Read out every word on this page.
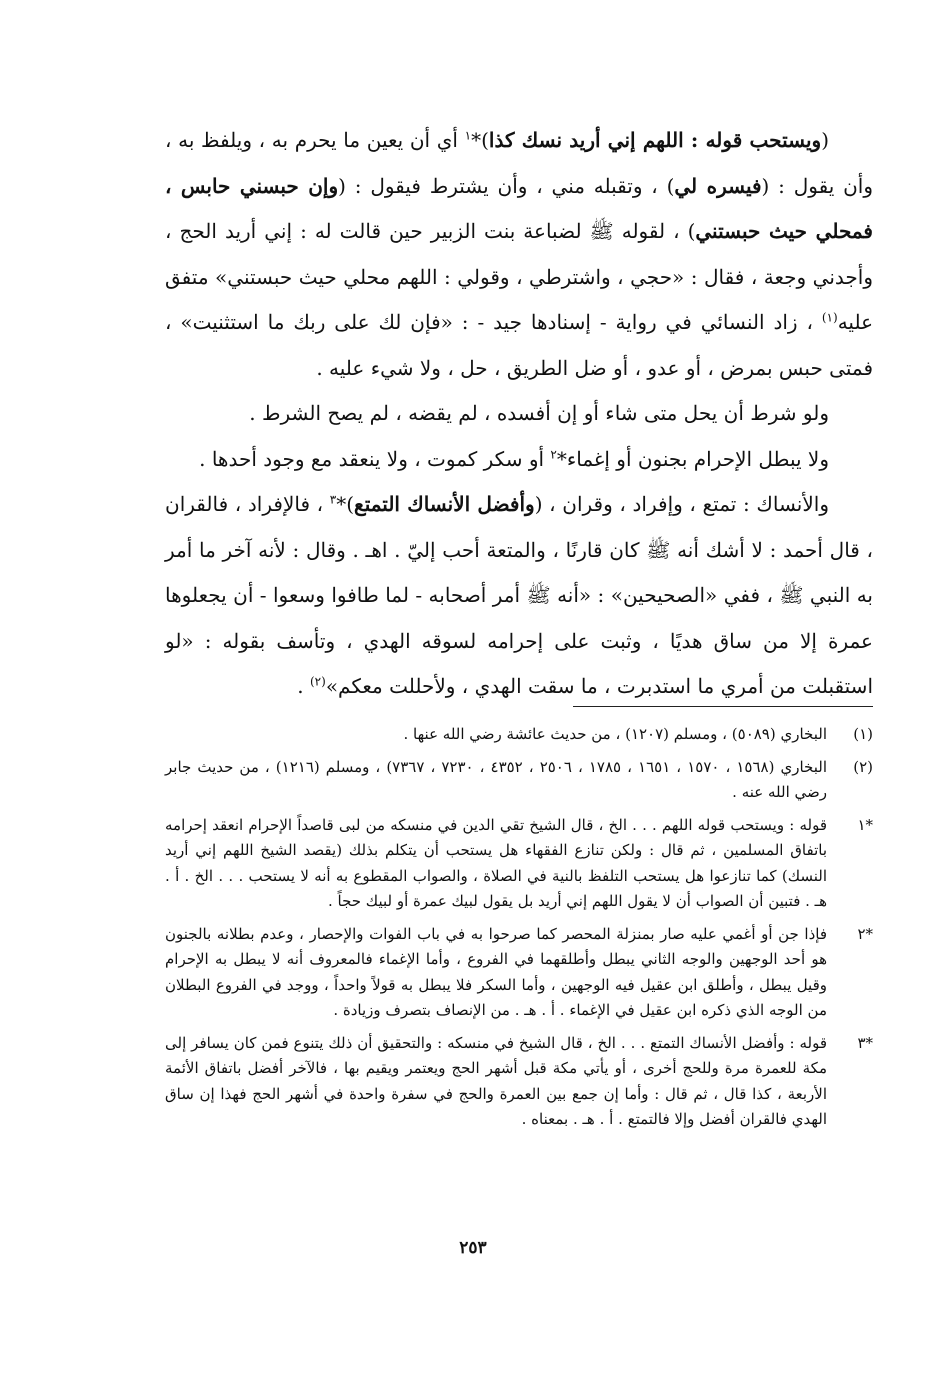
(ويستحب قوله : اللهم إني أريد نسك كذا)*$^١$ أي أن يعين ما يحرم به ، ويلفظ به ، وأن يقول : (فيسره لي) ، وتقبله مني ، وأن يشترط فيقول : (وإن حبسني حابس ، فمحلي حيث حبستني) ، لقوله ﷺ لضباعة بنت الزبير حين قالت له : إني أريد الحج ، وأجدني وجعة ، فقال : «حجي ، واشترطي ، وقولي : اللهم محلي حيث حبستني» متفق عليه$^{(١)}$ ، زاد النسائي في رواية - إسنادها جيد - : «فإن لك على ربك ما استثنيت» ، فمتى حبس بمرض ، أو عدو ، أو ضل الطريق ، حل ، ولا شيء عليه .

ولو شرط أن يحل متى شاء أو إن أفسده ، لم يقضه ، لم يصح الشرط .

ولا يبطل الإحرام بجنون أو إغماء*$^٢$ أو سكر كموت ، ولا ينعقد مع وجود أحدها .

والأنساك : تمتع ، وإفراد ، وقران ، (وأفضل الأنساك التمتع)*$^٣$ ، فالإفراد ، فالقران ، قال أحمد : لا أشك أنه ﷺ كان قارنًا ، والمتعة أحب إليّ . اهـ . وقال : لأنه آخر ما أمر به النبي ﷺ ، ففي «الصحيحين» : «أنه ﷺ أمر أصحابه - لما طافوا وسعوا - أن يجعلوها عمرة إلا من ساق هديًا ، وثبت على إحرامه لسوقه الهدي ، وتأسف بقوله : «لو استقبلت من أمري ما استدبرت ، ما سقت الهدي ، ولأحللت معكم»$^{(٢)}$ .

(١)
البخاري (٥٠٨٩) ، ومسلم (١٢٠٧) ، من حديث عائشة رضي الله عنها .
(٢)
البخاري (١٥٦٨ ، ١٥٧٠ ، ١٦٥١ ، ١٧٨٥ ، ٢٥٠٦ ، ٤٣٥٢ ، ٧٢٣٠ ، ٧٣٦٧) ، ومسلم (١٢١٦) ، من حديث جابر رضي الله عنه .
*١
قوله : ويستحب قوله اللهم . . . الخ ، قال الشيخ تقي الدين في منسكه من لبى قاصداً الإحرام انعقد إحرامه باتفاق المسلمين ، ثم قال : ولكن تنازع الفقهاء هل يستحب أن يتكلم بذلك (يقصد الشيخ اللهم إني أريد النسك) كما تنازعوا هل يستحب التلفظ بالنية في الصلاة ، والصواب المقطوع به أنه لا يستحب . . . الخ . أ . هـ . فتبين أن الصواب أن لا يقول اللهم إني أريد بل يقول لبيك عمرة أو لبيك حجاً .
*٢
فإذا جن أو أغمي عليه صار بمنزلة المحصر كما صرحوا به في باب الفوات والإحصار ، وعدم بطلانه بالجنون هو أحد الوجهين والوجه الثاني يبطل وأطلقهما في الفروع ، وأما الإغماء فالمعروف أنه لا يبطل به الإحرام وقيل يبطل ، وأطلق ابن عقيل فيه الوجهين ، وأما السكر فلا يبطل به قولاً واحداً ، ووجد في الفروع البطلان من الوجه الذي ذكره ابن عقيل في الإغماء . أ . هـ . من الإنصاف بتصرف وزيادة .
*٣
قوله : وأفضل الأنساك التمتع . . . الخ ، قال الشيخ في منسكه : والتحقيق أن ذلك يتنوع فمن كان يسافر إلى مكة للعمرة مرة وللحج أخرى ، أو يأتي مكة قبل أشهر الحج ويعتمر ويقيم بها ، فالآخر أفضل باتفاق الأئمة الأربعة ، كذا قال ، ثم قال : وأما إن جمع بين العمرة والحج في سفرة واحدة في أشهر الحج فهذا إن ساق الهدي فالقران أفضل وإلا فالتمتع . أ . هـ . بمعناه .
٢٥٣
